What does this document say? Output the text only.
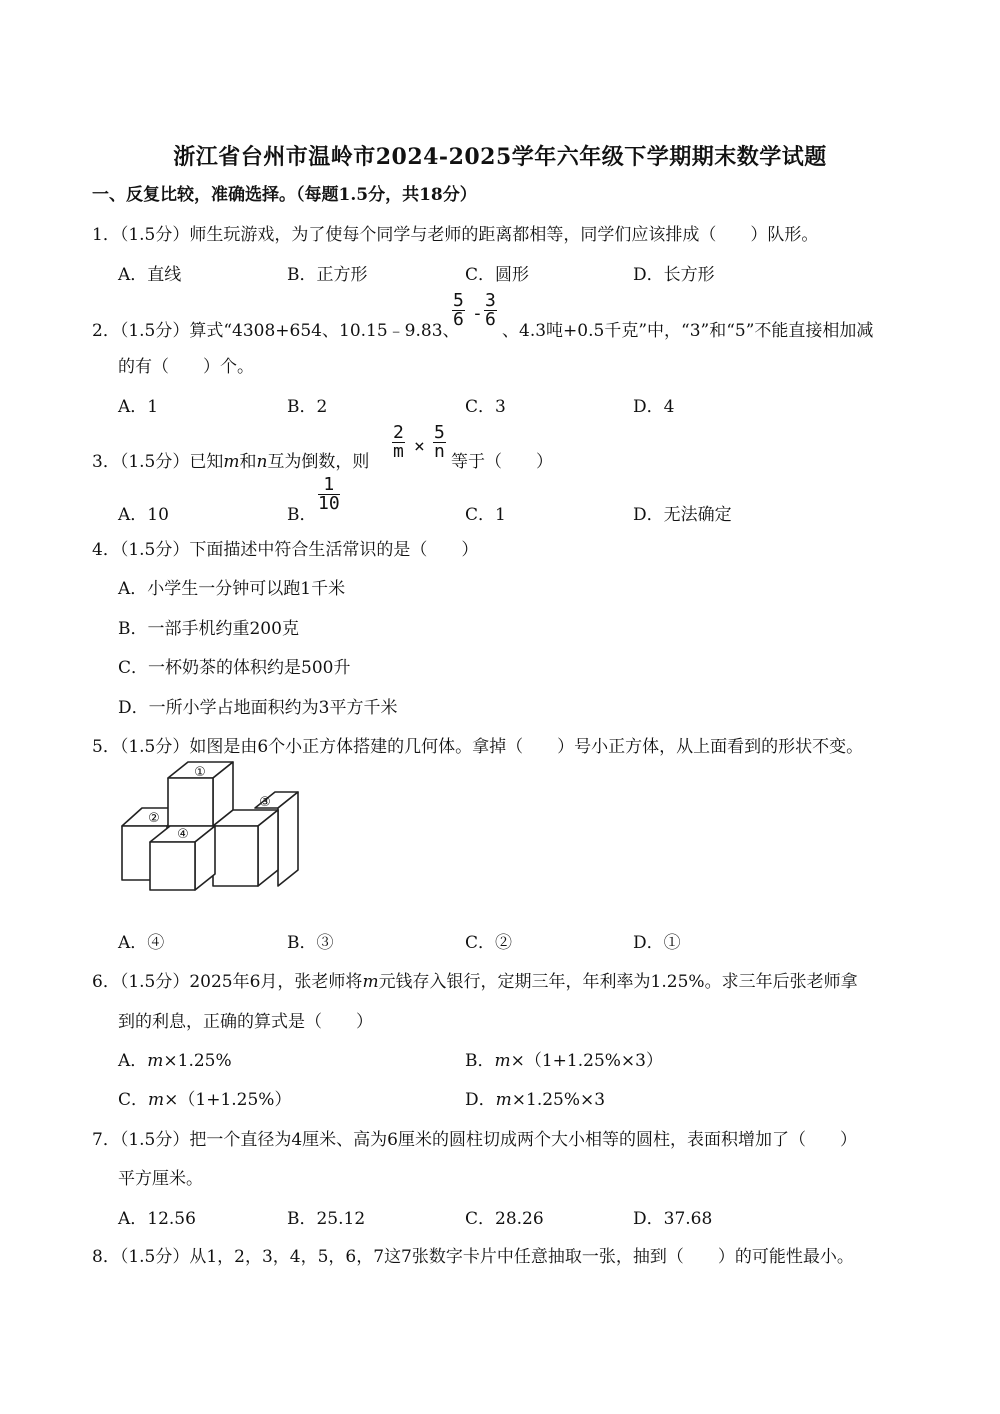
浙江省台州市温岭市2024-2025学年六年级下学期期末数学试题
一、反复比较，准确选择。（每题1.5分，共18分）
1．（1.5分）师生玩游戏，为了使每个同学与老师的距离都相等，同学们应该排成（　　）队形。
A．直线	B．正方形	C．圆形	D．长方形
2．（1.5分）算式“4308+654、10.15﹣9.83、
$\frac{5}{6} - \frac{3}{6}$
、4.3吨+0.5千克”中，“3”和“5”不能直接相加减
的有（　　）个。
A．1	B．2	C．3	D．4
3．（1.5分）已知m和n互为倒数，则
$\frac{2}{m} \times \frac{5}{n}$
等于（　　）
A．10	B．
$\frac{1}{10}$
C．1	D．无法确定
4．（1.5分）下面描述中符合生活常识的是（　　）
A．小学生一分钟可以跑1千米
B．一部手机约重200克
C．一杯奶茶的体积约是500升
D．一所小学占地面积约为3平方千米
5．（1.5分）如图是由6个小正方体搭建的几何体。拿掉（　　）号小正方体，从上面看到的形状不变。
①
②
③
④
A．④	B．③	C．②	D．①
6．（1.5分）2025年6月，张老师将m元钱存入银行，定期三年，年利率为1.25%。求三年后张老师拿
到的利息，正确的算式是（　　）
A．m×1.25%	B．m×（1+1.25%×3）
C．m×（1+1.25%）	D．m×1.25%×3
7．（1.5分）把一个直径为4厘米、高为6厘米的圆柱切成两个大小相等的圆柱，表面积增加了（　　）
平方厘米。
A．12.56	B．25.12	C．28.26	D．37.68
8．（1.5分）从1，2，3，4，5，6，7这7张数字卡片中任意抽取一张，抽到（　　）的可能性最小。
